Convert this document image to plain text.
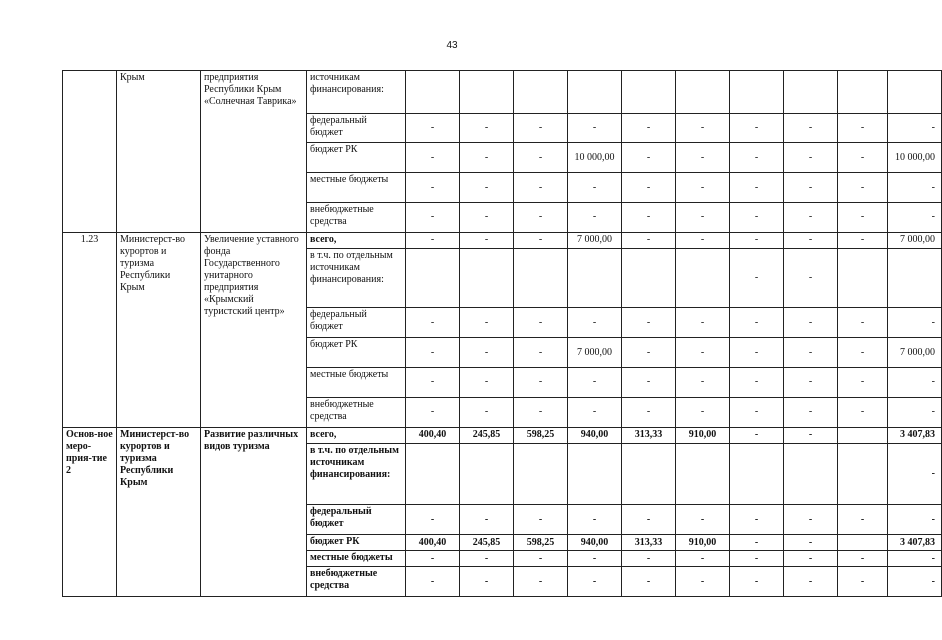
43
	Крым	предприятия Республики Крым «Солнечная Таврика»	источникам финансирования:										
			федеральный бюджет	-	-	-	-	-	-	-	-	-	-
			бюджет РК	-	-	-	10 000,00	-	-	-	-	-	10 000,00
			местные бюджеты	-	-	-	-	-	-	-	-	-	-
			внебюджетные средства	-	-	-	-	-	-	-	-	-	-
1.23	Министерст-во курортов и туризма Республики Крым	Увеличение уставного фонда Государственного унитарного предприятия «Крымский туристский центр»	всего,	-	-	-	7 000,00	-	-	-	-	-	7 000,00
			в т.ч. по отдельным источникам финансирования:							-	-		
			федеральный бюджет	-	-	-	-	-	-	-	-	-	-
			бюджет РК	-	-	-	7 000,00	-	-	-	-	-	7 000,00
			местные бюджеты	-	-	-	-	-	-	-	-	-	-
			внебюджетные средства	-	-	-	-	-	-	-	-	-	-
Основ-ное меро-прия-тие 2	Министерст-во курортов и туризма Республики Крым	Развитие различных видов туризма	всего,	400,40	245,85	598,25	940,00	313,33	910,00	-	-		3 407,83
			в т.ч. по отдельным источникам финансирования:										-
			федеральный бюджет	-	-	-	-	-	-	-	-	-	-
			бюджет РК	400,40	245,85	598,25	940,00	313,33	910,00	-	-		3 407,83
			местные бюджеты	-	-	-	-	-	-	-	-	-	-
			внебюджетные средства	-	-	-	-	-	-	-	-	-	-
